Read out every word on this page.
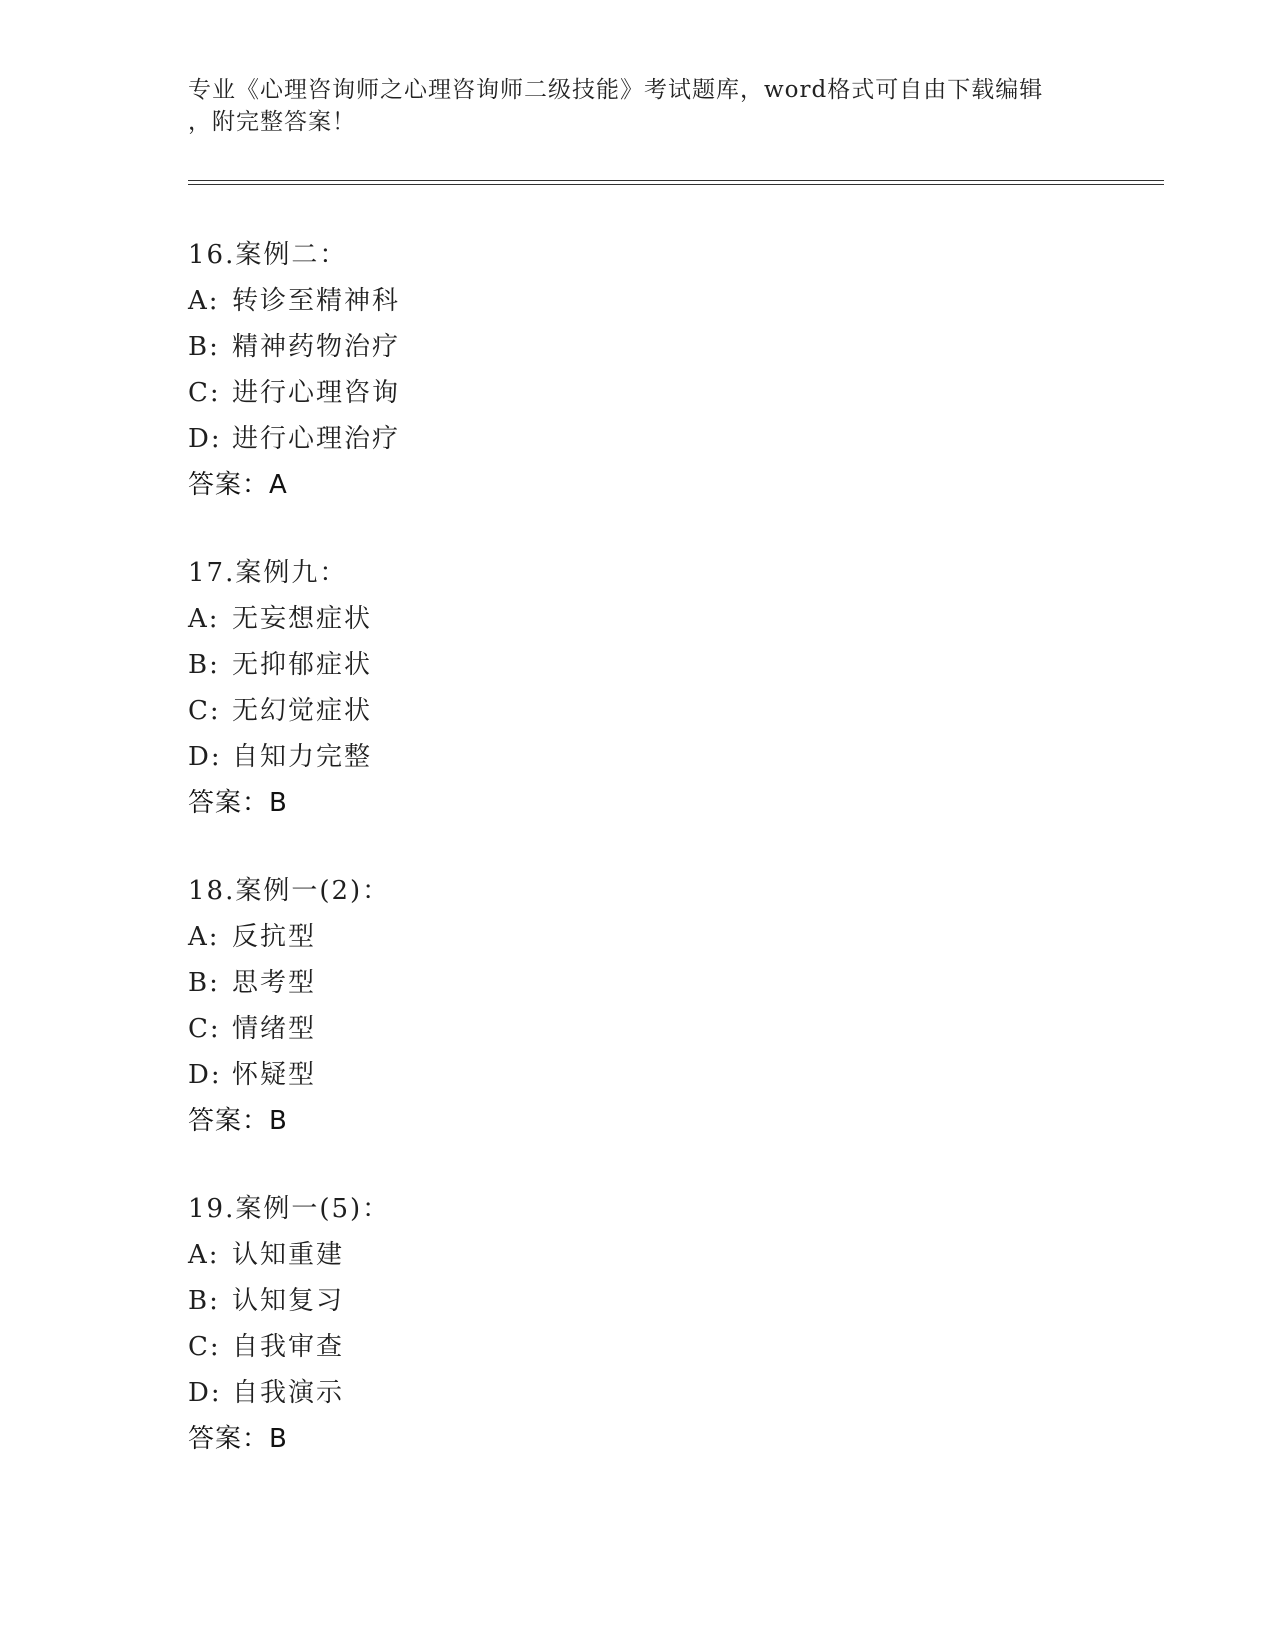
专业《心理咨询师之心理咨询师二级技能》考试题库，word格式可自由下载编辑
，附完整答案！
16.案例二：
A: 转诊至精神科
B: 精神药物治疗
C: 进行心理咨询
D: 进行心理治疗
答案：A
17.案例九：
A: 无妄想症状
B: 无抑郁症状
C: 无幻觉症状
D: 自知力完整
答案：B
18.案例一(2)：
A: 反抗型
B: 思考型
C: 情绪型
D: 怀疑型
答案：B
19.案例一(5)：
A: 认知重建
B: 认知复习
C: 自我审查
D: 自我演示
答案：B
